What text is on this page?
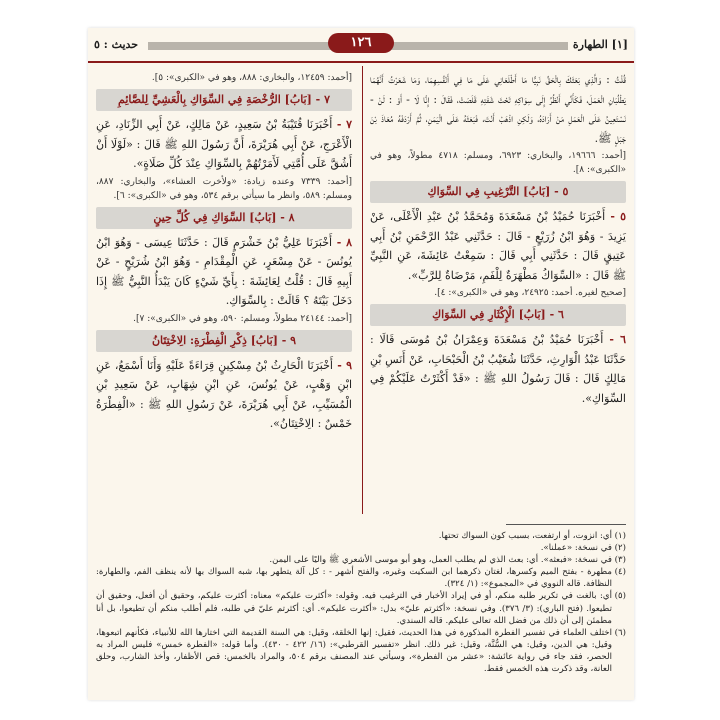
[١] الطهارة
١٢٦
حديث : ٥

قُلْتُ : وَالَّذِي بَعَثَكَ بِالْحَقِّ نَبِيًّا مَا أَطْلَعَانِي عَلَى مَا فِي أَنْفُسِهِمَا، وَمَا شَعَرْتُ أَنَّهُمَا يَطْلُبَانِ الْعَمَلَ، فَكَأَنِّي أَنْظُرُ إِلَى سِوَاكِهِ تَحْتَ شَفَتِهِ قَلَصَتْ، فَقَالَ : إِنَّا لَا - أَوْ : لَنْ - نَسْتَعِينُ عَلَى الْعَمَلِ مَنْ أَرَادَهُ، وَلَكِنِ اذْهَبْ أَنْتَ، فَبَعَثَهُ عَلَى الْيَمَنِ، ثُمَّ أَرْدَفَهُ مُعَاذَ بْنَ جَبَلٍ ﷺ.

[أحمد: ١٩٦٦٦، والبخاري: ٦٩٢٣، ومسلم: ٤٧١٨ مطولاً، وهو في «الكبرى»: ٨].

٥ - [بَابُ] التَّرْغِيبِ فِي السِّوَاكِ

٥ - أَخْبَرَنَا حُمَيْدُ بْنُ مَسْعَدَةَ وَمُحَمَّدُ بْنُ عَبْدِ الْأَعْلَى، عَنْ يَزِيدَ - وَهُوَ ابْنُ زُرَيْعٍ - قَالَ : حَدَّثَنِي عَبْدُ الرَّحْمَنِ بْنُ أَبِي عَتِيقٍ قَالَ : حَدَّثَنِي أَبِي قَالَ : سَمِعْتُ عَائِشَةَ، عَنِ النَّبِيِّ ﷺ قَالَ : «السِّوَاكُ مَطْهَرَةٌ لِلْفَمِ، مَرْضَاةٌ لِلرَّبِّ».

[صحيح لغيره. أحمد: ٢٤٩٢٥، وهو في «الكبرى»: ٤].

٦ - [بَابُ] الْإِكْثَارِ فِي السِّوَاكِ

٦ - أَخْبَرَنَا حُمَيْدُ بْنُ مَسْعَدَةَ وَعِمْرَانُ بْنُ مُوسَى قَالَا : حَدَّثَنَا عَبْدُ الْوَارِثِ، حَدَّثَنَا شُعَيْبُ بْنُ الْحَبْحَابِ، عَنْ أَنَسِ بْنِ مَالِكٍ قَالَ : قَالَ رَسُولُ اللهِ ﷺ : «قَدْ أَكْثَرْتُ عَلَيْكُمْ فِي السِّوَاكِ».

[أحمد: ١٢٤٥٩، والبخاري: ٨٨٨، وهو في «الكبرى»: ٥].

٧ - [بَابُ] الرُّخْصَةِ فِي السِّوَاكِ بِالْعَشِيِّ لِلصَّائِمِ

٧ - أَخْبَرَنَا قُتَيْبَةُ بْنُ سَعِيدٍ، عَنْ مَالِكٍ، عَنْ أَبِي الزِّنَادِ، عَنِ الْأَعْرَجِ، عَنْ أَبِي هُرَيْرَةَ، أَنَّ رَسُولَ اللهِ ﷺ قَالَ : «لَوْلَا أَنْ أَشُقَّ عَلَى أُمَّتِي لَأَمَرْتُهُمْ بِالسِّوَاكِ عِنْدَ كُلِّ صَلَاةٍ».

[أحمد: ٧٣٣٩ وعنده زيادة: «ولأخرت العشاء»، والبخاري: ٨٨٧، ومسلم: ٥٨٩، وانظر ما سيأتي برقم ٥٣٤، وهو في «الكبرى»: ٦].

٨ - [بَابُ] السِّوَاكِ فِي كُلِّ حِينٍ

٨ - أَخْبَرَنَا عَلِيُّ بْنُ خَشْرَمٍ قَالَ : حَدَّثَنَا عِيسَى - وَهُوَ ابْنُ يُونُسَ - عَنْ مِسْعَرٍ، عَنِ الْمِقْدَامِ - وَهُوَ ابْنُ شُرَيْحٍ - عَنْ أَبِيهِ قَالَ : قُلْتُ لِعَائِشَةَ : بِأَيِّ شَيْءٍ كَانَ يَبْدَأُ النَّبِيُّ ﷺ إِذَا دَخَلَ بَيْتَهُ ؟ قَالَتْ : بِالسِّوَاكِ.

[أحمد: ٢٤١٤٤ مطولاً، ومسلم: ٥٩٠، وهو في «الكبرى»: ٧].

٩ - [بَابُ] ذِكْرِ الْفِطْرَةِ: الِاخْتِتَانُ

٩ - أَخْبَرَنَا الْحَارِثُ بْنُ مِسْكِينٍ قِرَاءَةً عَلَيْهِ وَأَنَا أَسْمَعُ، عَنِ ابْنِ وَهْبٍ، عَنْ يُونُسَ، عَنِ ابْنِ شِهَابٍ، عَنْ سَعِيدِ بْنِ الْمُسَيِّبِ، عَنْ أَبِي هُرَيْرَةَ، عَنْ رَسُولِ اللهِ ﷺ : «الْفِطْرَةُ خَمْسٌ : الِاخْتِتَانُ».

(١)
أي: انزوت، أو ارتفعت، بسبب كون السواك تحتها.
(٢)
في نسخة: «عملنا».
(٣)
في نسخة: «فبعثه». أي: بعث الذي لم يطلب العمل، وهو أبو موسى الأشعري ﷺ واليًا على اليمن.
(٤)
مطهرة - بفتح الميم وكسرها، لغتان ذكرهما ابن السكيت وغيره، والفتح أشهر - : كل آلة يتطهر بها، شبه السواك بها لأنه ينظف الفم، والطهارة: النظافة. قاله النووي في «المجموع»: (١/ ٣٢٤).
(٥)
أي: بالغت في تكرير طلبه منكم، أو في إيراد الأخبار في الترغيب فيه. وقوله: «أكثرت عليكم» معناه: أكثرت عليكم، وحقيق أن أفعل، وحقيق أن تطيعوا. (فتح الباري): (٣/ ٣٧٦). وفي نسخة: «أكثرتم عليّ» بدل: «أكثرت عليكم». أي: أكثرتم عليّ في طلبه، فلم أطلب منكم أن تطيعوا، بل أنا مطمئن إلى أن ذلك من فضل الله تعالى عليكم. قاله السندي.
(٦)
اختلف العلماء في تفسير الفطرة المذكورة في هذا الحديث، فقيل: إنها الخلقة، وقيل: هي السنة القديمة التي اختارها الله للأنبياء، فكأنهم اتبعوها، وقيل: هي الدين، وقيل: هي السُّنَّة، وقيل: غير ذلك. انظر «تفسير القرطبي»: (١٦/ ٤٢٢ - ٤٣٠). وأما قوله: «الفطرة خمس» فليس المراد به الحصر، فقد جاء في رواية عائشة: «عشر من الفطرة»، وسيأتي عند المصنف برقم ٥٠٤، والمراد بالخمس: قص الأظفار، وأخذ الشارب، وحلق العانة، وقد ذكرت هذه الخمس فقط.
